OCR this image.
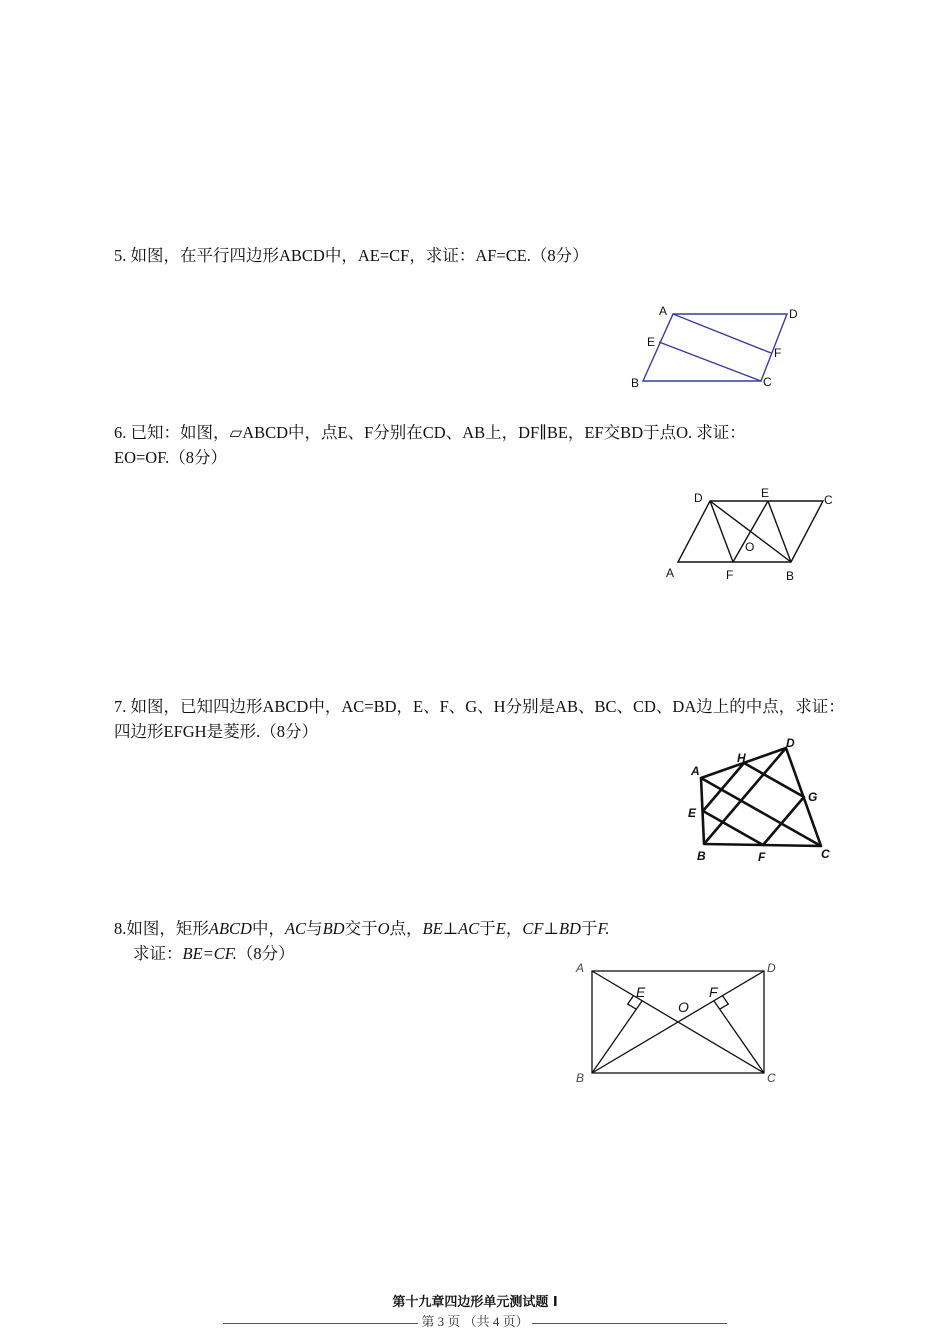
5. 如图，在平行四边形ABCD中，AE=CF，求证：AF=CE.（8分）

A	D
E
F
B	C

6. 已知：如图，▱ABCD中，点E、F分别在CD、AB上，DF∥BE，EF交BD于点O. 求证：

EO=OF.（8分）

D	E	C
O
A	F	B

7. 如图，已知四边形ABCD中，AC=BD，E、F、G、H分别是AB、BC、CD、DA边上的中点，求证：

四边形EFGH是菱形.（8分）

A
H
D
G
E
B	F	C

8.如图，矩形ABCD中，AC与BD交于O点，BE⊥AC于E，CF⊥BD于F.

求证：BE=CF.（8分）

A	D
E
O
F
B	C
第十九章四边形单元测试题 I
第 3 页 （共 4 页）
